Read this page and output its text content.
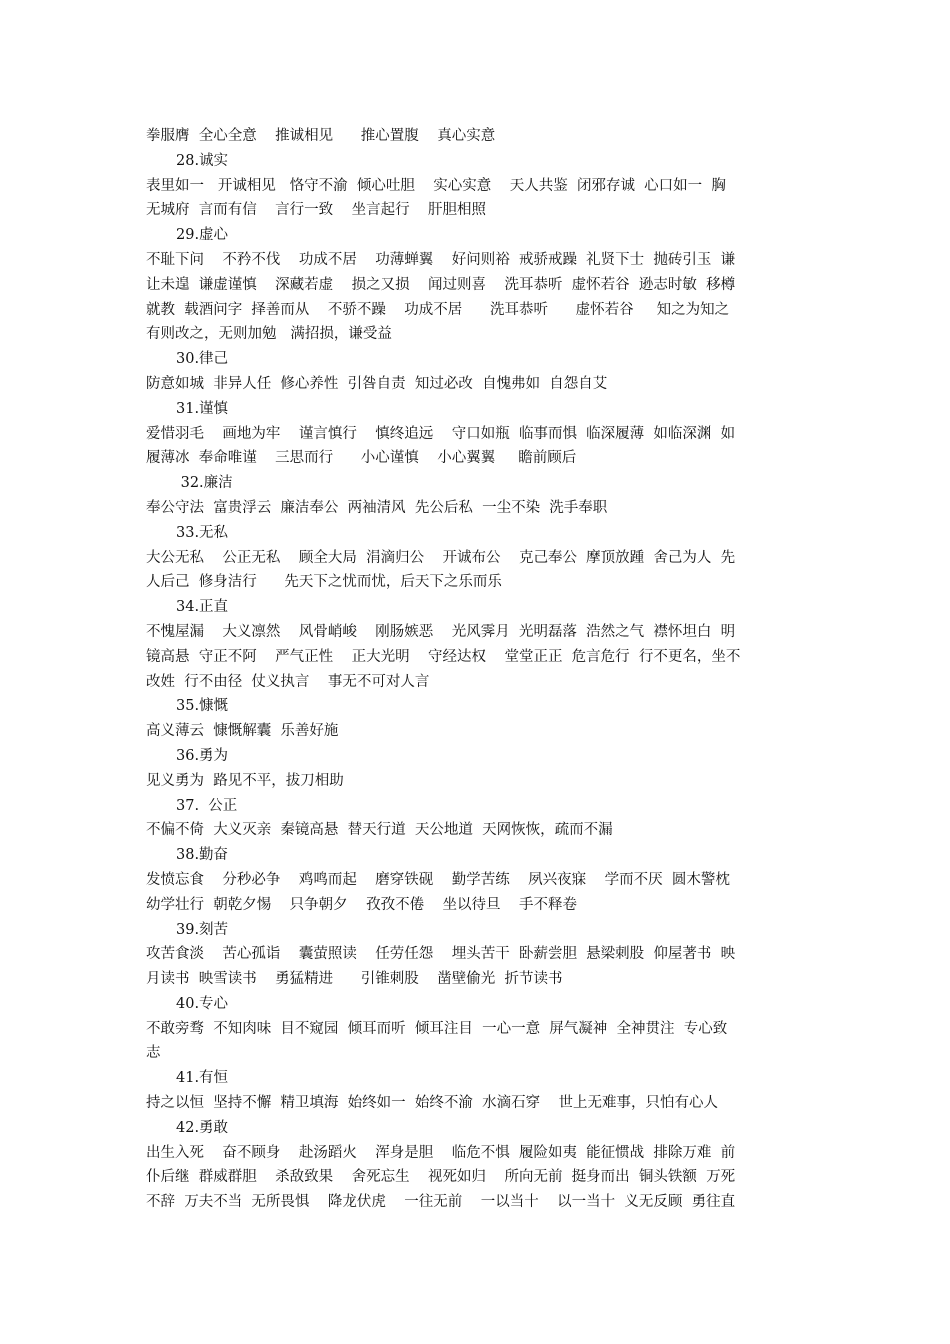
拳服膺  全心全意    推诚相见      推心置腹    真心实意
28.诚实
表里如一   开诚相见   恪守不渝  倾心吐胆    实心实意    天人共鉴  闭邪存诚  心口如一  胸
无城府  言而有信    言行一致    坐言起行    肝胆相照
29.虚心
不耻下问    不矜不伐    功成不居    功薄蝉翼    好问则裕  戒骄戒躁  礼贤下士  抛砖引玉  谦
让未遑  谦虚谨慎    深藏若虚    损之又损    闻过则喜    洗耳恭听  虚怀若谷  逊志时敏  移樽
就教  载酒问字  择善而从    不骄不躁    功成不居      洗耳恭听      虚怀若谷     知之为知之
有则改之，无则加勉   满招损，谦受益
30.律己
防意如城  非异人任  修心养性  引咎自责  知过必改  自愧弗如  自怨自艾
31.谨慎
爱惜羽毛    画地为牢    谨言慎行    慎终追远    守口如瓶  临事而惧  临深履薄  如临深渊  如
履薄冰  奉命唯谨    三思而行      小心谨慎    小心翼翼     瞻前顾后
32.廉洁
奉公守法  富贵浮云  廉洁奉公  两袖清风  先公后私  一尘不染  洗手奉职
33.无私
大公无私    公正无私    顾全大局  涓滴归公    开诚布公    克己奉公  摩顶放踵  舍己为人  先
人后己  修身洁行      先天下之忧而忧，后天下之乐而乐
34.正直
不愧屋漏    大义凛然    风骨峭峻    刚肠嫉恶    光风霁月  光明磊落  浩然之气  襟怀坦白  明
镜高悬  守正不阿    严气正性    正大光明    守经达权    堂堂正正  危言危行  行不更名，坐不
改姓  行不由径  仗义执言    事无不可对人言
35.慷慨
高义薄云  慷慨解囊  乐善好施
36.勇为
见义勇为  路见不平，拔刀相助
37.  公正
不偏不倚  大义灭亲  秦镜高悬  替天行道  天公地道  天网恢恢，疏而不漏
38.勤奋
发愤忘食    分秒必争    鸡鸣而起    磨穿铁砚    勤学苦练    夙兴夜寐    学而不厌  圆木警枕
幼学壮行  朝乾夕惕    只争朝夕    孜孜不倦    坐以待旦    手不释卷
39.刻苦
攻苦食淡    苦心孤诣    囊萤照读    任劳任怨    埋头苦干  卧薪尝胆  悬梁刺股  仰屋著书  映
月读书  映雪读书    勇猛精进      引锥刺股    凿壁偷光  折节读书
40.专心
不敢旁骛  不知肉味  目不窥园  倾耳而听  倾耳注目  一心一意  屏气凝神  全神贯注  专心致
志
41.有恒
持之以恒  坚持不懈  精卫填海  始终如一  始终不渝  水滴石穿    世上无难事，只怕有心人
42.勇敢
出生入死    奋不顾身    赴汤蹈火    浑身是胆    临危不惧  履险如夷  能征惯战  排除万难  前
仆后继  群威群胆    杀敌致果    舍死忘生    视死如归    所向无前  挺身而出  铜头铁额  万死
不辞  万夫不当  无所畏惧    降龙伏虎    一往无前    一以当十    以一当十  义无反顾  勇往直
